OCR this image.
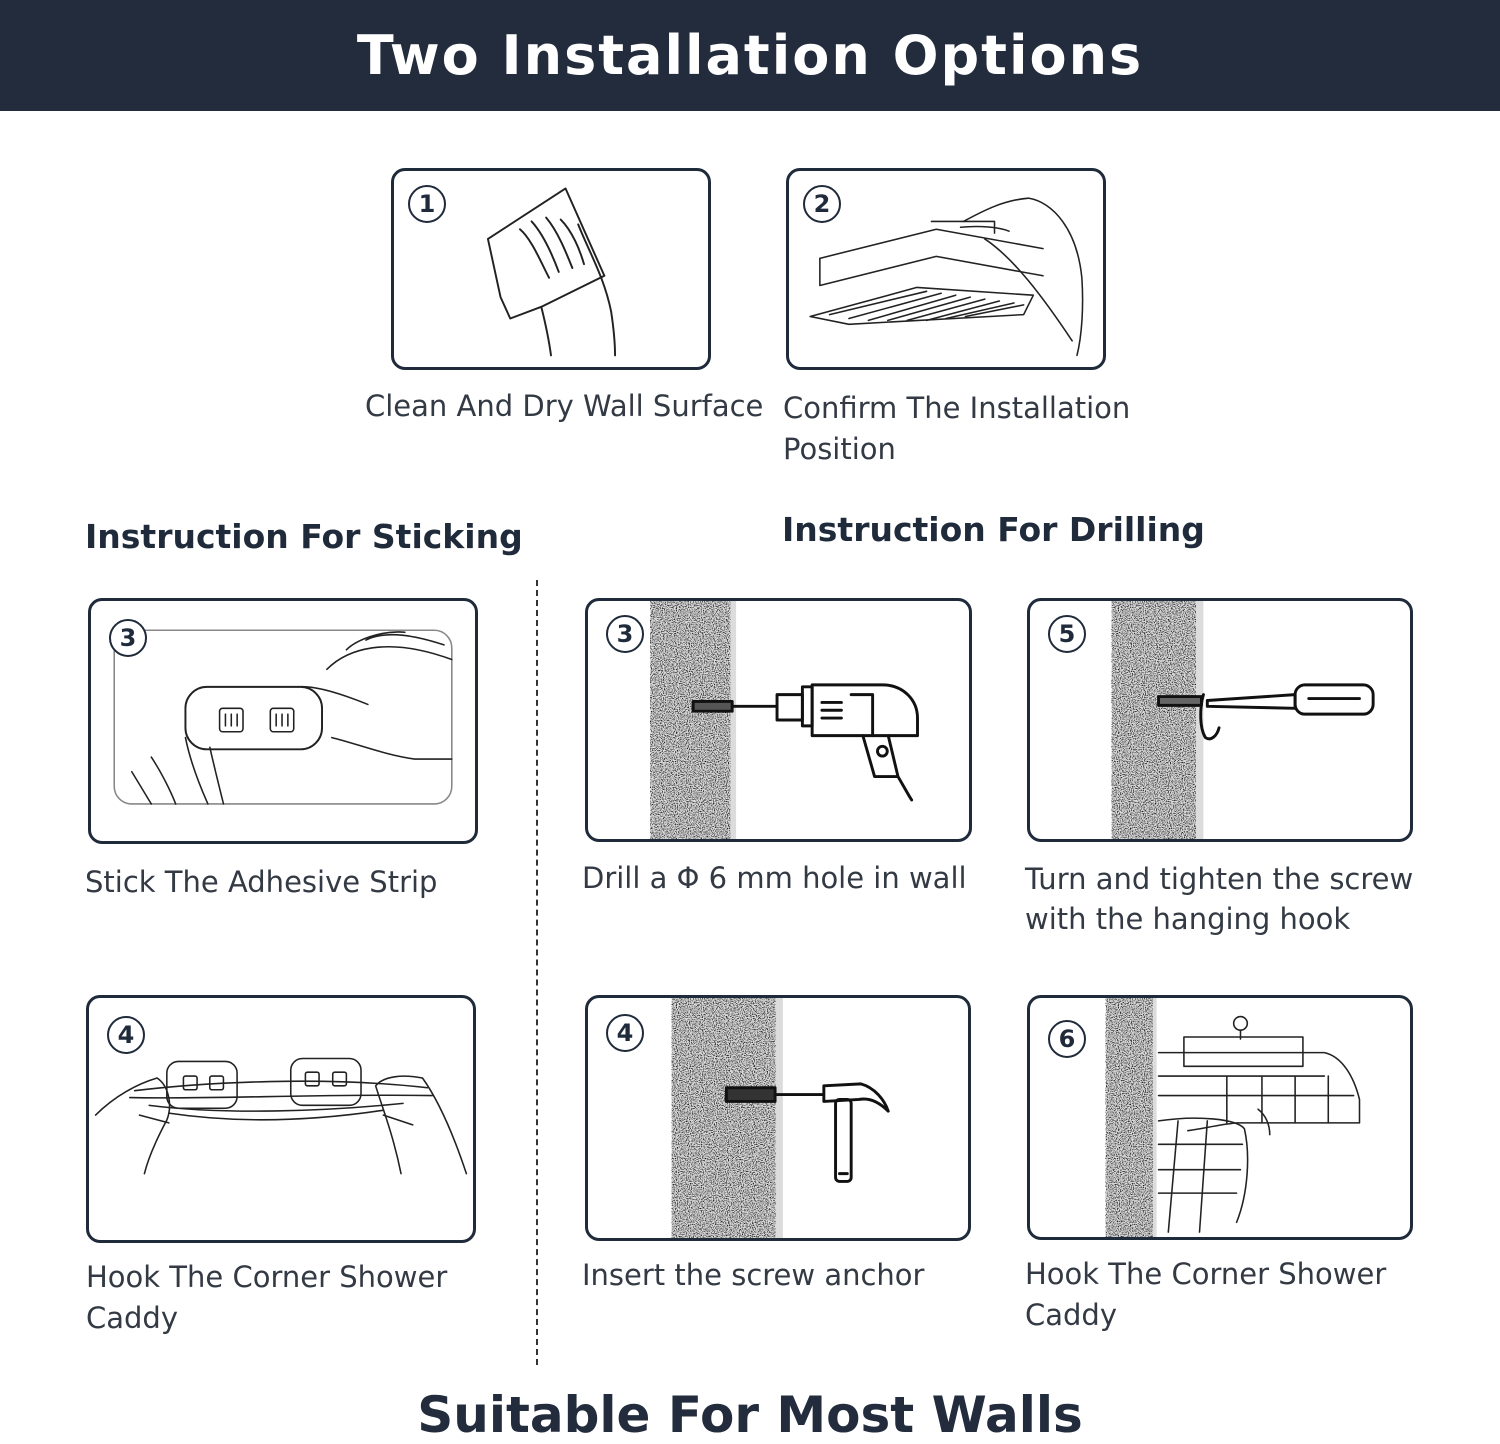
Two Installation Options
1
Clean And Dry Wall Surface
2
Confirm The Installation
Position
Instruction For Sticking	Instruction For Drilling
3
Stick The Adhesive Strip
4
Hook The Corner Shower
Caddy
3
Drill a Φ 6 mm hole in wall
5
Turn and tighten the screw
with the hanging hook
4
Insert the screw anchor
6
Hook The Corner Shower
Caddy
Suitable For Most Walls
